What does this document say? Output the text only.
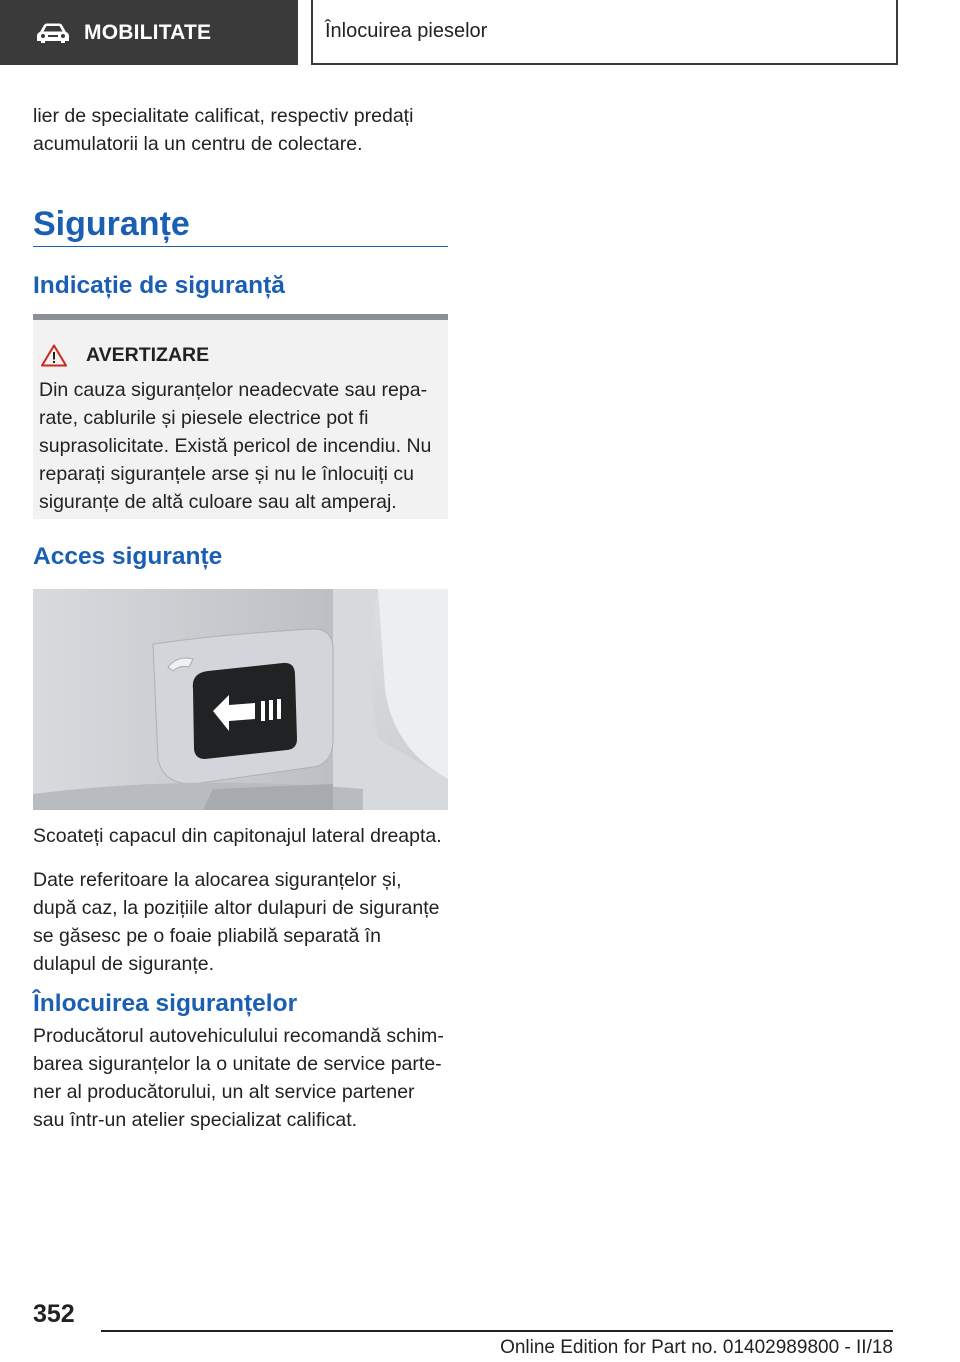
MOBILITATE	Înlocuirea pieselor

lier de specialitate calificat, respectiv predați acumulatorii la un centru de colectare.

Siguranțe
Indicație de siguranță
AVERTIZARE

Din cauza siguranțelor neadecvate sau reparate, cablurile și piesele electrice pot fi suprasolicitate. Există pericol de incendiu. Nu reparați siguranțele arse și nu le înlocuiți cu siguranțe de altă culoare sau alt amperaj.

Acces siguranțe

Scoateți capacul din capitonajul lateral dreapta.

Date referitoare la alocarea siguranțelor și, după caz, la pozițiile altor dulapuri de siguranțe se găsesc pe o foaie pliabilă separată în dulapul de siguranțe.

Înlocuirea siguranțelor

Producătorul autovehiculului recomandă schimbarea siguranțelor la o unitate de service partener al producătorului, un alt service partener sau într-un atelier specializat calificat.

352
Online Edition for Part no. 01402989800 - II/18
